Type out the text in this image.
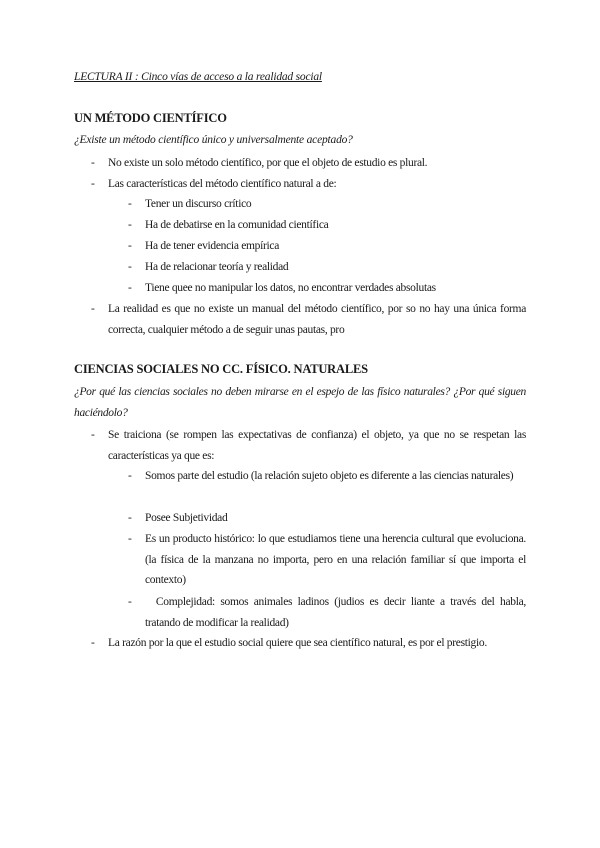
LECTURA II : Cinco vías de acceso a la realidad social
UN MÉTODO CIENTÍFICO
¿Existe un método científico único y universalmente aceptado?
- No existe un solo método científico, por que el objeto de estudio es plural.
- Las características del método científico natural a de:
- Tener un discurso crítico
- Ha de debatirse en la comunidad científica
- Ha de tener evidencia empírica
- Ha de relacionar teoría y realidad
- Tiene quee no manipular los datos, no encontrar verdades absolutas
- La realidad es que no existe un manual del método científico, por so no hay una única forma correcta, cualquier método a de seguir unas pautas, pro
CIENCIAS SOCIALES NO CC. FÍSICO. NATURALES
¿Por qué las ciencias sociales no deben mirarse en el espejo de las físico naturales? ¿Por qué siguen haciéndolo?
- Se traiciona (se rompen las expectativas de confianza) el objeto, ya que no se respetan las características ya que es:
- Somos parte del estudio (la relación sujeto objeto es diferente a las ciencias naturales)
- Posee Subjetividad
- Es un producto histórico: lo que estudiamos tiene una herencia cultural que evoluciona. (la física de la manzana no importa, pero en una relación familiar sí que importa el contexto)
- Complejidad: somos animales ladinos (judios es decir liante a través del habla, tratando de modificar la realidad)
- La razón por la que el estudio social quiere que sea científico natural, es por el prestigio.
